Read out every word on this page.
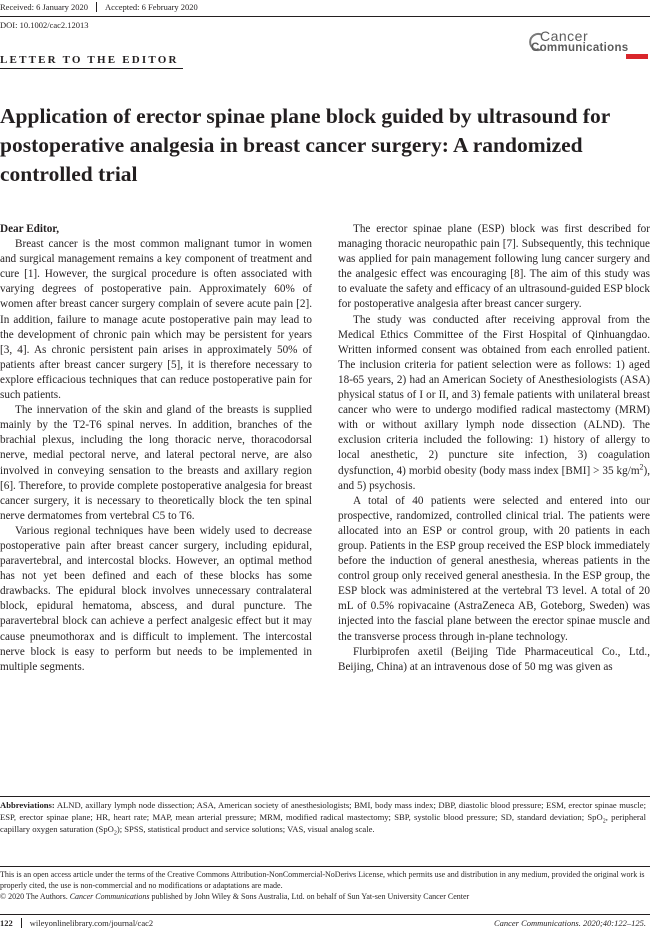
Received: 6 January 2020	Accepted: 6 February 2020
DOI: 10.1002/cac2.12013
Cancer
Communications
LETTER TO THE EDITOR
Application of erector spinae plane block guided by ultrasound for postoperative analgesia in breast cancer surgery: A randomized controlled trial

Dear Editor,

Breast cancer is the most common malignant tumor in women and surgical management remains a key component of treatment and cure [1]. However, the surgical procedure is often associated with varying degrees of postoperative pain. Approximately 60% of women after breast cancer surgery complain of severe acute pain [2]. In addition, failure to manage acute postoperative pain may lead to the development of chronic pain which may be persistent for years [3, 4]. As chronic persistent pain arises in approximately 50% of patients after breast cancer surgery [5], it is therefore necessary to explore efficacious techniques that can reduce postoperative pain for such patients.

The innervation of the skin and gland of the breasts is supplied mainly by the T2-T6 spinal nerves. In addition, branches of the brachial plexus, including the long thoracic nerve, thoracodorsal nerve, medial pectoral nerve, and lateral pectoral nerve, are also involved in conveying sensation to the breasts and axillary region [6]. Therefore, to provide complete postoperative analgesia for breast cancer surgery, it is necessary to theoretically block the ten spinal nerve dermatomes from vertebral C5 to T6.

Various regional techniques have been widely used to decrease postoperative pain after breast cancer surgery, including epidural, paravertebral, and intercostal blocks. However, an optimal method has not yet been defined and each of these blocks has some drawbacks. The epidural block involves unnecessary contralateral block, epidural hematoma, abscess, and dural puncture. The paravertebral block can achieve a perfect analgesic effect but it may cause pneumothorax and is difficult to implement. The intercostal nerve block is easy to perform but needs to be implemented in multiple segments.

The erector spinae plane (ESP) block was first described for managing thoracic neuropathic pain [7]. Subsequently, this technique was applied for pain management following lung cancer surgery and the analgesic effect was encouraging [8]. The aim of this study was to evaluate the safety and efficacy of an ultrasound-guided ESP block for postoperative analgesia after breast cancer surgery.

The study was conducted after receiving approval from the Medical Ethics Committee of the First Hospital of Qinhuangdao. Written informed consent was obtained from each enrolled patient. The inclusion criteria for patient selection were as follows: 1) aged 18-65 years, 2) had an American Society of Anesthesiologists (ASA) physical status of I or II, and 3) female patients with unilateral breast cancer who were to undergo modified radical mastectomy (MRM) with or without axillary lymph node dissection (ALND). The exclusion criteria included the following: 1) history of allergy to local anesthetic, 2) puncture site infection, 3) coagulation dysfunction, 4) morbid obesity (body mass index [BMI] > 35 $kg/m^2$), and 5) psychosis.

A total of 40 patients were selected and entered into our prospective, randomized, controlled clinical trial. The patients were allocated into an ESP or control group, with 20 patients in each group. Patients in the ESP group received the ESP block immediately before the induction of general anesthesia, whereas patients in the control group only received general anesthesia. In the ESP group, the ESP block was administered at the vertebral T3 level. A total of 20 mL of 0.5% ropivacaine (AstraZeneca AB, Goteborg, Sweden) was injected into the fascial plane between the erector spinae muscle and the transverse process through in-plane technology.

Flurbiprofen axetil (Beijing Tide Pharmaceutical Co., Ltd., Beijing, China) at an intravenous dose of 50 mg was given as

Abbreviations: ALND, axillary lymph node dissection; ASA, American society of anesthesiologists; BMI, body mass index; DBP, diastolic blood pressure; ESM, erector spinae muscle; ESP, erector spinae plane; HR, heart rate; MAP, mean arterial pressure; MRM, modified radical mastectomy; SBP, systolic blood pressure; SD, standard deviation; SpO$_2$, peripheral capillary oxygen saturation (SpO$_2$); SPSS, statistical product and service solutions; VAS, visual analog scale.
This is an open access article under the terms of the Creative Commons Attribution-NonCommercial-NoDerivs License, which permits use and distribution in any medium, provided the original work is properly cited, the use is non-commercial and no modifications or adaptations are made.
© 2020 The Authors. Cancer Communications published by John Wiley & Sons Australia, Ltd. on behalf of Sun Yat-sen University Cancer Center
122	wileyonlinelibrary.com/journal/cac2	Cancer Communications. 2020;40:122–125.
